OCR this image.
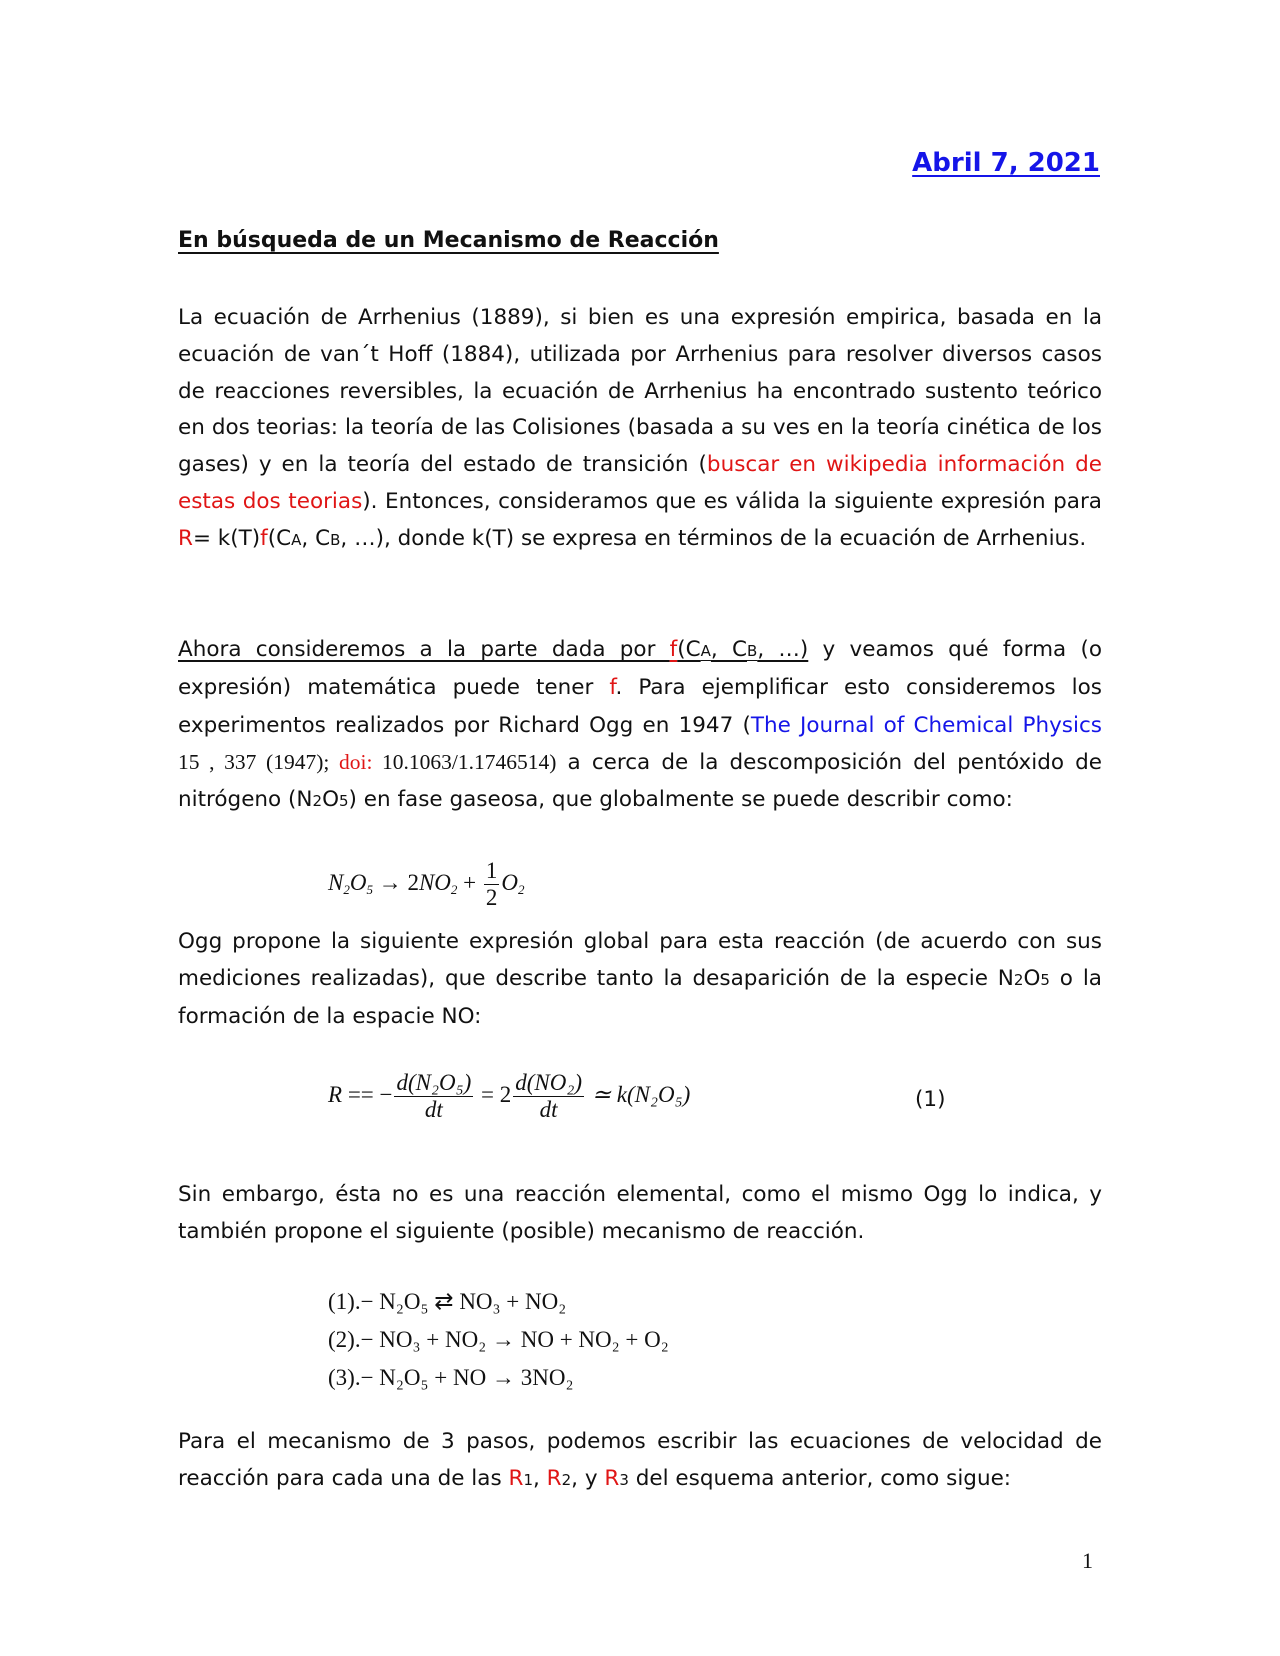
Abril 7, 2021
En búsqueda de un Mecanismo de Reacción

La ecuación de Arrhenius (1889), si bien es una expresión empirica, basada en la ecuación de van´t Hoff (1884), utilizada por Arrhenius para resolver diversos casos de reacciones reversibles, la ecuación de Arrhenius ha encontrado sustento teórico en dos teorias: la teoría de las Colisiones (basada a su ves en la teoría cinética de los gases) y en la teoría del estado de transición (buscar en wikipedia información de estas dos teorias). Entonces, consideramos que es válida la siguiente expresión para R= k(T)f(CA, CB, …), donde k(T) se expresa en términos de la ecuación de Arrhenius.

Ahora consideremos a la parte dada por f(CA, CB, …) y veamos qué forma (o expresión) matemática puede tener f. Para ejemplificar esto consideremos los experimentos realizados por Richard Ogg en 1947 (The Journal of Chemical Physics 15 , 337 (1947); doi: 10.1063/1.1746514) a cerca de la descomposición del pentóxido de nitrógeno (N2O5) en fase gaseosa, que globalmente se puede describir como:

$N_2O_5 \to 2NO_2 + \frac{1}{2} O_2$

Ogg propone la siguiente expresión global para esta reacción (de acuerdo con sus mediciones realizadas), que describe tanto la desaparición de la especie N2O5 o la formación de la espacie NO:

R == − $\frac{\text{d(N₂O₅)}}{dt} = 2 \frac{\text{d(NO₂)}}{dt}$ ≃ k(N₂O₅)	(1)

Sin embargo, ésta no es una reacción elemental, como el mismo Ogg lo indica, y también propone el siguiente (posible) mecanismo de reacción.

(1).− N₂O₅ ⇄ NO₃ + NO₂
(2).− NO₃ + NO₂ → NO + NO₂ + O₂
(3).− N₂O₅ + NO → 3NO₂

Para el mecanismo de 3 pasos, podemos escribir las ecuaciones de velocidad de reacción para cada una de las R1, R2, y R3 del esquema anterior, como sigue:

1
